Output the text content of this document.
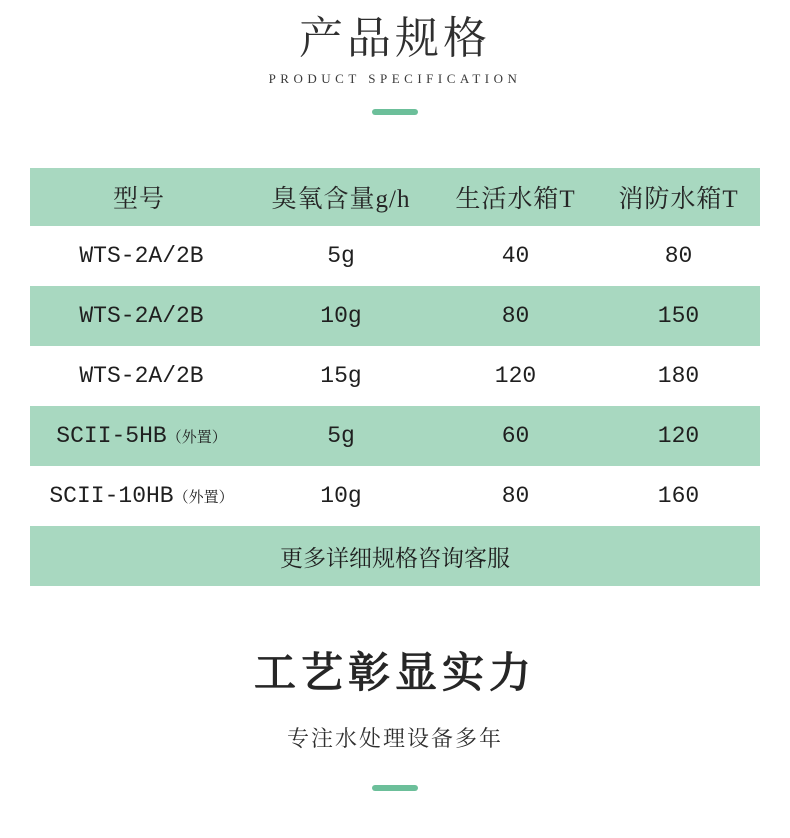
产品规格
PRODUCT SPECIFICATION
型号	臭氧含量g/h	生活水箱T	消防水箱T
WTS-2A/2B	5g	40	80
WTS-2A/2B	10g	80	150
WTS-2A/2B	15g	120	180
SCII-5HB（外置）	5g	60	120
SCII-10HB（外置）	10g	80	160
更多详细规格咨询客服			
工艺彰显实力
专注水处理设备多年
